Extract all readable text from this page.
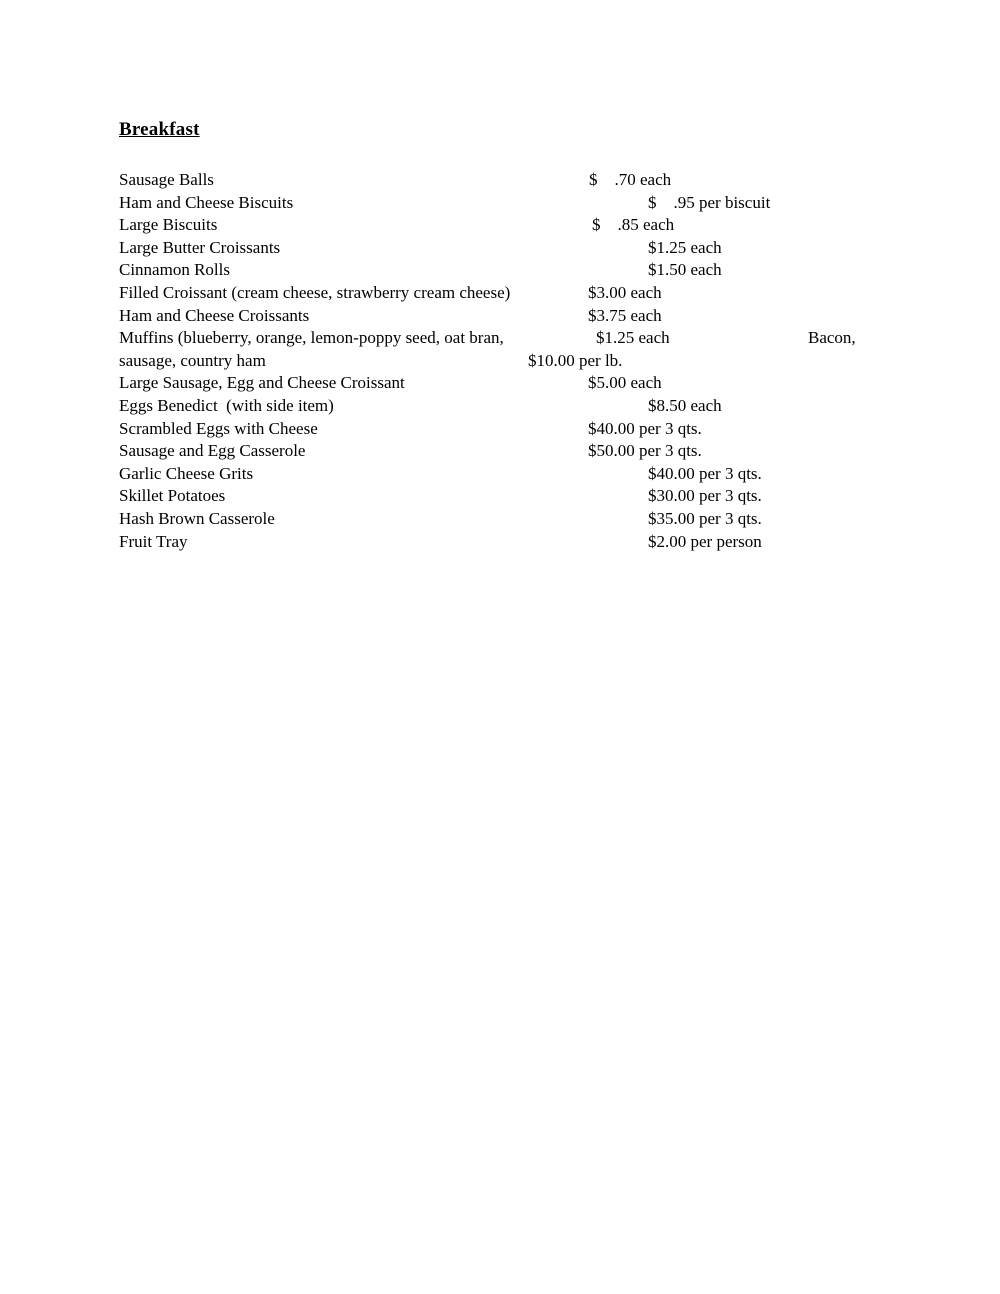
Breakfast
Sausage Balls	$    .70 each
Ham and Cheese Biscuits	$    .95 per biscuit
Large Biscuits	$    .85 each
Large Butter Croissants	$1.25 each
Cinnamon Rolls	$1.50 each
Filled Croissant (cream cheese, strawberry cream cheese)	$3.00 each
Ham and Cheese Croissants	$3.75 each
Muffins (blueberry, orange, lemon-poppy seed, oat bran,	$1.25 each	Bacon,
sausage, country ham	$10.00 per lb.
Large Sausage, Egg and Cheese Croissant	$5.00 each
Eggs Benedict  (with side item)	$8.50 each
Scrambled Eggs with Cheese	$40.00 per 3 qts.
Sausage and Egg Casserole	$50.00 per 3 qts.
Garlic Cheese Grits	$40.00 per 3 qts.
Skillet Potatoes	$30.00 per 3 qts.
Hash Brown Casserole	$35.00 per 3 qts.
Fruit Tray	$2.00 per person
